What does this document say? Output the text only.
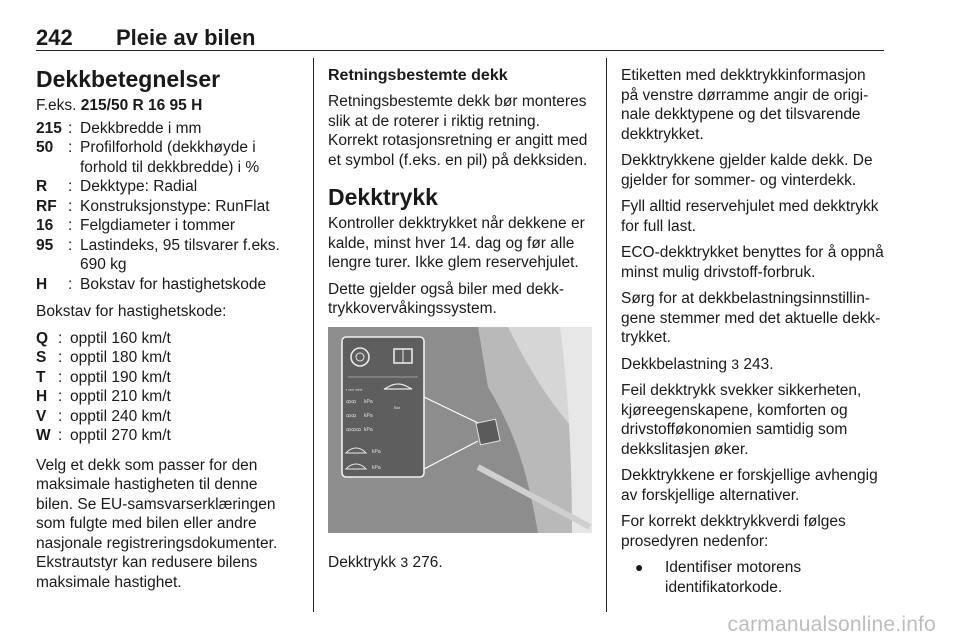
242 Pleie av bilen
Dekkbetegnelser
F.eks. 215/50 R 16 95 H
215 : Dekkbredde i mm
50 : Profilforhold (dekkhøyde i forhold til dekkbredde) i %
R	: Dekktype: Radial
RF : Konstruksjonstype: RunFlat
16 : Felgdiameter i tommer
95 : Lastindeks, 95 tilsvarer f.eks. 690 kg
H	: Bokstav for hastighetskode

Bokstav for hastighetskode:

Q : opptil 160 km/t
S : opptil 180 km/t
T : opptil 190 km/t
H : opptil 210 km/t
V : opptil 240 km/t
W : opptil 270 km/t

Velg et dekk som passer for den maksimale hastigheten til denne bilen. Se EU-samsvarserklæringen som fulgte med bilen eller andre nasjonale registreringsdokumenter. Ekstrautstyr kan redusere bilens maksimale hastighet.

Retningsbestemte dekk

Retningsbestemte dekk bør monteres slik at de roterer i riktig retning. Korrekt rotasjonsretning er angitt med et symbol (f.eks. en pil) på dekksiden.

Dekktrykk

Kontroller dekktrykket når dekkene er kalde, minst hver 14. dag og før alle lengre turer. Ikke glem reservehjulet.

Dette gjelder også biler med dekktrykkovervåkingssystem.

▪ ▪▪▪▪ ▪▪▪▪▪
ꝏꝏ kPa
Bar
ꝏꝏ kPa
ꝏꝏꝏ kPa
kPa
kPa

Dekktrykk 3 276.

Etiketten med dekktrykkinformasjon på venstre dørramme angir de originale dekktypene og det tilsvarende dekktrykket.

Dekktrykkene gjelder kalde dekk. De gjelder for sommer- og vinterdekk.

Fyll alltid reservehjulet med dekktrykk for full last.

ECO-dekktrykket benyttes for å oppnå minst mulig drivstoff-forbruk.

Sørg for at dekkbelastningsinnstillingene stemmer med det aktuelle dekktrykket.

Dekkbelastning 3 243.

Feil dekktrykk svekker sikkerheten, kjøreegenskapene, komforten og drivstofføkonomien samtidig som dekkslitasjen øker.

Dekktrykkene er forskjellige avhengig av forskjellige alternativer.

For korrekt dekktrykkverdi følges prosedyren nedenfor:

●	Identifiser motorens identifikatorkode.
carmanualsonline.info
